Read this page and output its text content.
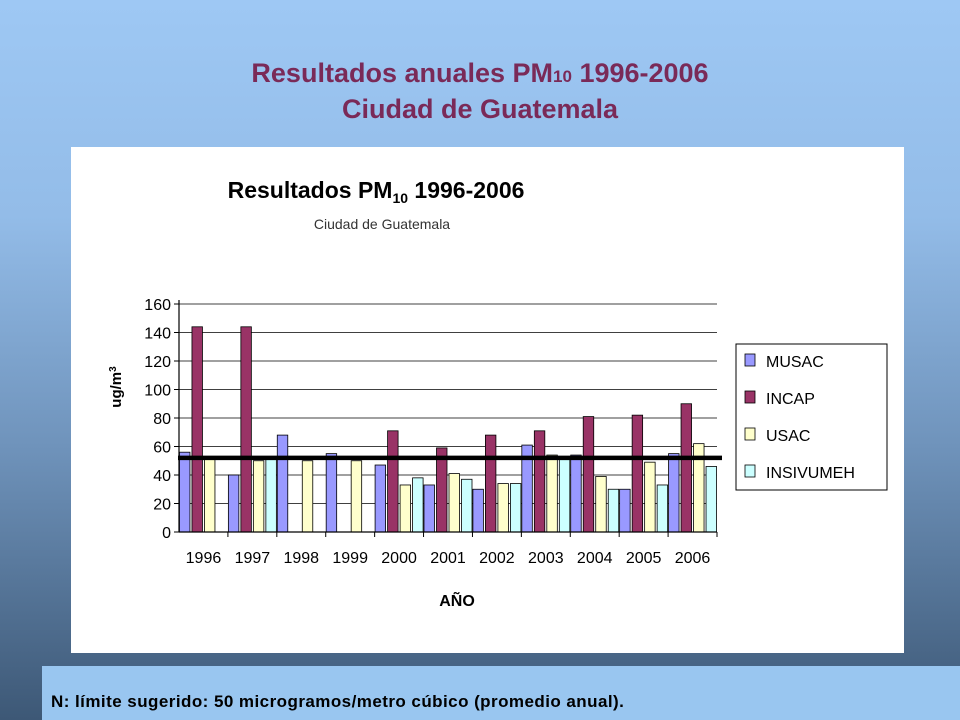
Resultados anuales PM10 1996-2006
Ciudad de Guatemala
Resultados $PM_{10}$ 1996-2006
Ciudad de Guatemala
$ug/m^3$
AÑO
0
20
40
60
80
100
120
140
160
1996 1997 1998 1999 2000 2001 2002 2003 2004 2005 2006
MUSAC
INCAP
USAC
INSIVUMEH
N: límite sugerido: 50 microgramos/metro cúbico (promedio anual).
